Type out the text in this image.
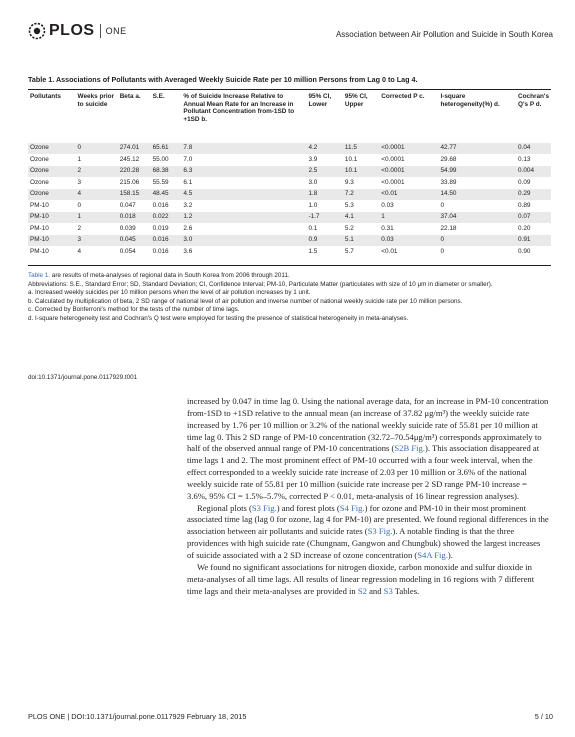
PLOS ONE	Association between Air Pollution and Suicide in South Korea
Table 1. Associations of Pollutants with Averaged Weekly Suicide Rate per 10 million Persons from Lag 0 to Lag 4.
Pollutants	Weeks prior to suicide	Beta a.	S.E.	% of Suicide Increase Relative to Annual Mean Rate for an Increase in Pollutant Concentration from-1SD to +1SD b.	95% CI, Lower	95% CI, Upper	Corrected P c.	I-square heterogeneity(%) d.	Cochran's Q's P d.
Ozone	0	274.01	65.61	7.8	4.2	11.5	<0.0001	42.77	0.04
Ozone	1	245.12	55.00	7.0	3.9	10.1	<0.0001	29.68	0.13
Ozone	2	220.28	68.38	6.3	2.5	10.1	<0.0001	54.99	0.004
Ozone	3	215.06	55.59	6.1	3.0	9.3	<0.0001	33.89	0.09
Ozone	4	158.15	48.45	4.5	1.8	7.2	<0.01	14.50	0.29
PM-10	0	0.047	0.016	3.2	1.0	5.3	0.03	0	0.89
PM-10	1	0.018	0.022	1.2	-1.7	4.1	1	37.04	0.07
PM-10	2	0.039	0.019	2.6	0.1	5.2	0.31	22.18	0.20
PM-10	3	0.045	0.016	3.0	0.9	5.1	0.03	0	0.91
PM-10	4	0.054	0.016	3.6	1.5	5.7	<0.01	0	0.90

Table 1. are results of meta-analyses of regional data in South Korea from 2006 through 2011.

Abbreviations: S.E., Standard Error; SD, Standard Deviation; CI, Confidence Interval; PM-10, Particulate Matter (particulates with size of 10 μm in diameter or smaller).

a. Increased weekly suicides per 10 million persons when the level of air pollution increases by 1 unit.

b. Calculated by multiplication of beta, 2 SD range of national level of air pollution and inverse number of national weekly suicide rate per 10 million persons.

c. Corrected by Bonferroni's method for the tests of the number of time lags.

d. I-square heterogeneity test and Cochran's Q test were employed for testing the presence of statistical heterogeneity in meta-analyses.

doi:10.1371/journal.pone.0117929.t001

increased by 0.047 in time lag 0. Using the national average data, for an increase in PM-10 concentration from-1SD to +1SD relative to the annual mean (an increase of 37.82 μg/m³) the weekly suicide rate increased by 1.76 per 10 million or 3.2% of the national weekly suicide rate of 55.81 per 10 million at time lag 0. This 2 SD range of PM-10 concentration (32.72–70.54μg/m³) corresponds approximately to half of the observed annual range of PM-10 concentrations (S2B Fig.). This association disappeared at time lags 1 and 2. The most prominent effect of PM-10 occurred with a four week interval, when the effect corresponded to a weekly suicide rate increase of 2.03 per 10 million or 3.6% of the national weekly suicide rate of 55.81 per 10 million (suicide rate increase per 2 SD range PM-10 increase = 3.6%, 95% CI = 1.5%–5.7%, corrected P < 0.01, meta-analysis of 16 linear regression analyses).

Regional plots (S3 Fig.) and forest plots (S4 Fig.) for ozone and PM-10 in their most prominent associated time lag (lag 0 for ozone, lag 4 for PM-10) are presented. We found regional differences in the association between air pollutants and suicide rates (S3 Fig.). A notable finding is that the three providences with high suicide rate (Chungnam, Gangwon and Chungbuk) showed the largest increases of suicide associated with a 2 SD increase of ozone concentration (S4A Fig.).

We found no significant associations for nitrogen dioxide, carbon monoxide and sulfur dioxide in meta-analyses of all time lags. All results of linear regression modeling in 16 regions with 7 different time lags and their meta-analyses are provided in S2 and S3 Tables.

PLOS ONE | DOI:10.1371/journal.pone.0117929 February 18, 2015	5 / 10
